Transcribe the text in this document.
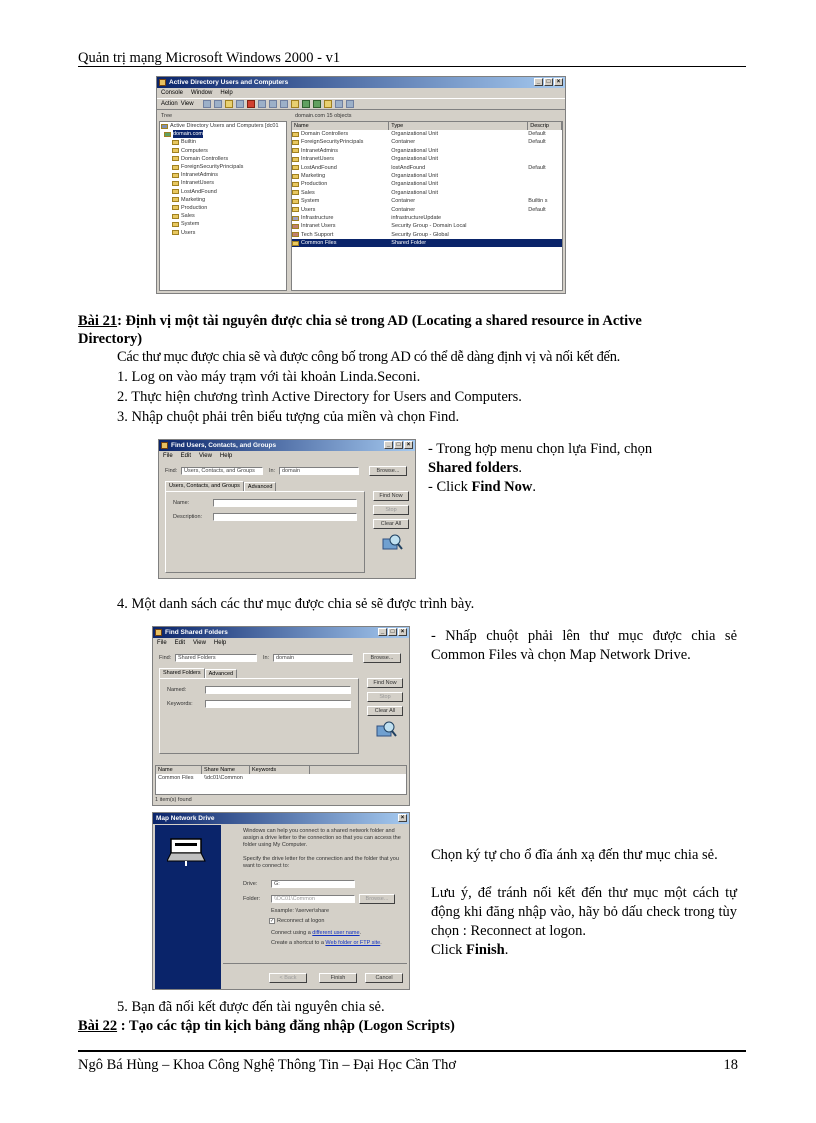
Quản trị mạng Microsoft Windows 2000 - v1
Active Directory Users and Computers	_	□	×
Console Window Help
Action View
Tree	domain.com 15 objects
Active Directory Users and Computers [dc01
domain.com
Builtin
Computers
Domain Controllers
ForeignSecurityPrincipals
IntranetAdmins
IntranetUsers
LostAndFound
Marketing
Production
Sales
System
Users
Name	Type	Descrip
Domain Controllers	Organizational Unit	Default
ForeignSecurityPrincipals	Container	Default
IntranetAdmins	Organizational Unit
IntranetUsers	Organizational Unit
LostAndFound	lostAndFound	Default
Marketing	Organizational Unit
Production	Organizational Unit
Sales	Organizational Unit
System	Container	Builtin s
Users	Container	Default
Infrastructure	infrastructureUpdate
Intranet Users	Security Group - Domain Local
Tech Support	Security Group - Global
Common Files	Shared Folder
Bài 21: Định vị một tài nguyên được chia sẻ trong AD (Locating a shared resource in Active
Directory)
Các thư mục được chia sẽ và được công bố trong AD có thể dễ dàng định vị và nối kết đến.
1. Log on vào máy trạm với tài khoản Linda.Seconi.
2. Thực hiện chương trình Active Directory for Users and Computers.
3. Nhập chuột phải trên biểu tượng của miền và chọn Find.
Find Users, Contacts, and Groups	_	□	×
File Edit View Help
Find:	Users, Contacts, and Groups	In:	domain	Browse...
Users, Contacts, and Groups	Advanced
Name:
Description:
Find Now
Stop
Clear All
- Trong hợp menu chọn lựa Find, chọn
Shared folders.
- Click Find Now.
4. Một danh sách các thư mục được chia sẻ sẽ được trình bày.
Find Shared Folders	_	□	×
File Edit View Help
Find:	Shared Folders	In:	domain	Browse...
Shared Folders	Advanced
Named:
Keywords:
Find Now
Stop
Clear All
Name	Share Name	Keywords
Common Files	\\dc01\Common
1 item(s) found
- Nhấp chuột phải lên thư mục được chia sẻ Common Files và chọn Map Network Drive.
Map Network Drive	×
Windows can help you connect to a shared network folder and assign a drive letter to the connection so that you can access the folder using My Computer.
Specify the drive letter for the connection and the folder that you want to connect to:
Drive:	G:
Folder:	\\DC01\Common	Browse...
Example: \\server\share
✓ Reconnect at logon
Connect using a different user name.
Create a shortcut to a Web folder or FTP site.
< Back	Finish	Cancel
Chọn ký tự cho ổ đĩa ánh xạ đến thư mục chia sẻ.
Lưu ý, để tránh nối kết đến thư mục một cách tự động khi đăng nhập vào, hãy bỏ dấu check trong tùy chọn : Reconnect at logon.
Click Finish.
5. Bạn đã nối kết được đến tài nguyên chia sẻ.
Bài 22 : Tạo các tập tin kịch bảng đăng nhập (Logon Scripts)
Ngô Bá Hùng – Khoa Công Nghệ Thông Tin – Đại Học Cần Thơ	18
